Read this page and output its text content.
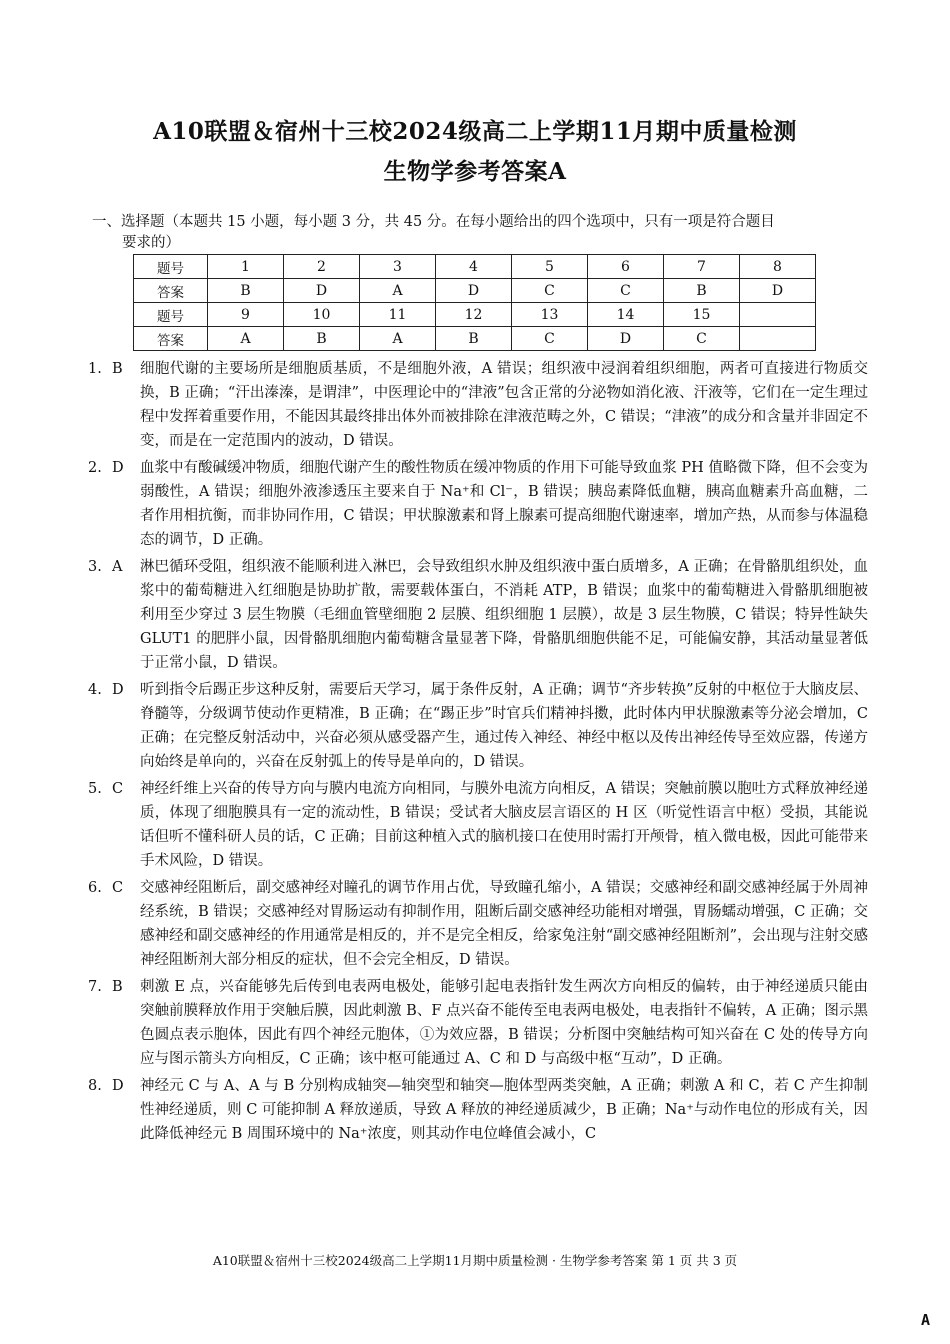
A10联盟＆宿州十三校2024级高二上学期11月期中质量检测
生物学参考答案A
一、选择题（本题共 15 小题，每小题 3 分，共 45 分。在每小题给出的四个选项中，只有一项是符合题目
要求的）
题号	1	2	3	4	5	6	7	8
答案	B	D	A	D	C	C	B	D
题号	9	10	11	12	13	14	15	
答案	A	B	A	B	C	D	C	
1. B	细胞代谢的主要场所是细胞质基质，不是细胞外液，A 错误；组织液中浸润着组织细胞，两者可直接进行物质交换，B 正确；“汗出溱溱，是谓津”，中医理论中的“津液”包含正常的分泌物如消化液、汗液等，它们在一定生理过程中发挥着重要作用，不能因其最终排出体外而被排除在津液范畴之外，C 错误；“津液”的成分和含量并非固定不变，而是在一定范围内的波动，D 错误。
2. D	血浆中有酸碱缓冲物质，细胞代谢产生的酸性物质在缓冲物质的作用下可能导致血浆 PH 值略微下降，但不会变为弱酸性，A 错误；细胞外液渗透压主要来自于 Na⁺和 Cl⁻，B 错误；胰岛素降低血糖，胰高血糖素升高血糖，二者作用相抗衡，而非协同作用，C 错误；甲状腺激素和肾上腺素可提高细胞代谢速率，增加产热，从而参与体温稳态的调节，D 正确。
3. A	淋巴循环受阻，组织液不能顺利进入淋巴，会导致组织水肿及组织液中蛋白质增多，A 正确；在骨骼肌组织处，血浆中的葡萄糖进入红细胞是协助扩散，需要载体蛋白，不消耗 ATP，B 错误；血浆中的葡萄糖进入骨骼肌细胞被利用至少穿过 3 层生物膜（毛细血管壁细胞 2 层膜、组织细胞 1 层膜），故是 3 层生物膜，C 错误；特异性缺失 GLUT1 的肥胖小鼠，因骨骼肌细胞内葡萄糖含量显著下降，骨骼肌细胞供能不足，可能偏安静，其活动量显著低于正常小鼠，D 错误。
4. D	听到指令后踢正步这种反射，需要后天学习，属于条件反射，A 正确；调节“齐步转换”反射的中枢位于大脑皮层、脊髓等，分级调节使动作更精准，B 正确；在“踢正步”时官兵们精神抖擞，此时体内甲状腺激素等分泌会增加，C 正确；在完整反射活动中，兴奋必须从感受器产生，通过传入神经、神经中枢以及传出神经传导至效应器，传递方向始终是单向的，兴奋在反射弧上的传导是单向的，D 错误。
5. C	神经纤维上兴奋的传导方向与膜内电流方向相同，与膜外电流方向相反，A 错误；突触前膜以胞吐方式释放神经递质，体现了细胞膜具有一定的流动性，B 错误；受试者大脑皮层言语区的 H 区（听觉性语言中枢）受损，其能说话但听不懂科研人员的话，C 正确；目前这种植入式的脑机接口在使用时需打开颅骨，植入微电极，因此可能带来手术风险，D 错误。
6. C	交感神经阻断后，副交感神经对瞳孔的调节作用占优，导致瞳孔缩小，A 错误；交感神经和副交感神经属于外周神经系统，B 错误；交感神经对胃肠运动有抑制作用，阻断后副交感神经功能相对增强，胃肠蠕动增强，C 正确；交感神经和副交感神经的作用通常是相反的，并不是完全相反，给家兔注射“副交感神经阻断剂”，会出现与注射交感神经阻断剂大部分相反的症状，但不会完全相反，D 错误。
7. B	刺激 E 点，兴奋能够先后传到电表两电极处，能够引起电表指针发生两次方向相反的偏转，由于神经递质只能由突触前膜释放作用于突触后膜，因此刺激 B、F 点兴奋不能传至电表两电极处，电表指针不偏转，A 正确；图示黑色圆点表示胞体，因此有四个神经元胞体，①为效应器，B 错误；分析图中突触结构可知兴奋在 C 处的传导方向应与图示箭头方向相反，C 正确；该中枢可能通过 A、C 和 D 与高级中枢“互动”，D 正确。
8. D	神经元 C 与 A、A 与 B 分别构成轴突—轴突型和轴突—胞体型两类突触，A 正确；刺激 A 和 C，若 C 产生抑制性神经递质，则 C 可能抑制 A 释放递质，导致 A 释放的神经递质减少，B 正确；Na⁺与动作电位的形成有关，因此降低神经元 B 周围环境中的 Na⁺浓度，则其动作电位峰值会减小，C
A10联盟＆宿州十三校2024级高二上学期11月期中质量检测 · 生物学参考答案 第 1 页 共 3 页
A
